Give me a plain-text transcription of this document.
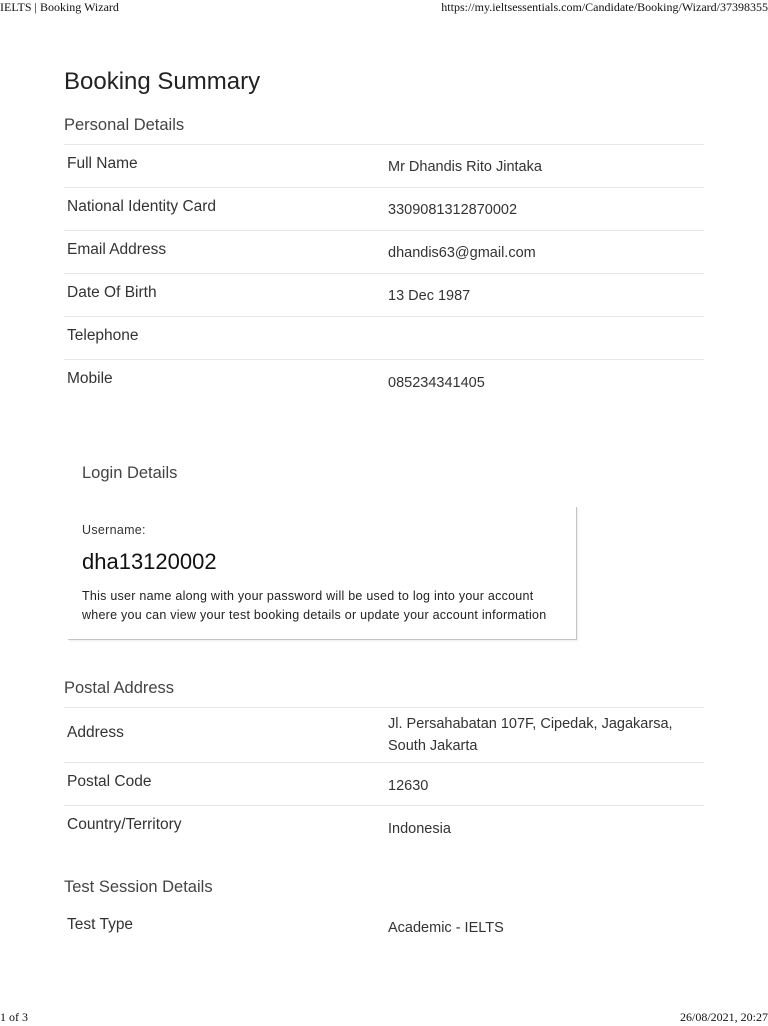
IELTS | Booking Wizard	https://my.ieltsessentials.com/Candidate/Booking/Wizard/37398355
Booking Summary
Personal Details
Full Name	Mr Dhandis Rito Jintaka
National Identity Card	3309081312870002
Email Address	dhandis63@gmail.com
Date Of Birth	13 Dec 1987
Telephone
Mobile	085234341405
Login Details
Username:
dha13120002
This user name along with your password will be used to log into your account where you can view your test booking details or update your account information
Postal Address
Address	Jl. Persahabatan 107F, Cipedak, Jagakarsa,
South Jakarta
Postal Code	12630
Country/Territory	Indonesia
Test Session Details
Test Type	Academic - IELTS
1 of 3	26/08/2021, 20:27
